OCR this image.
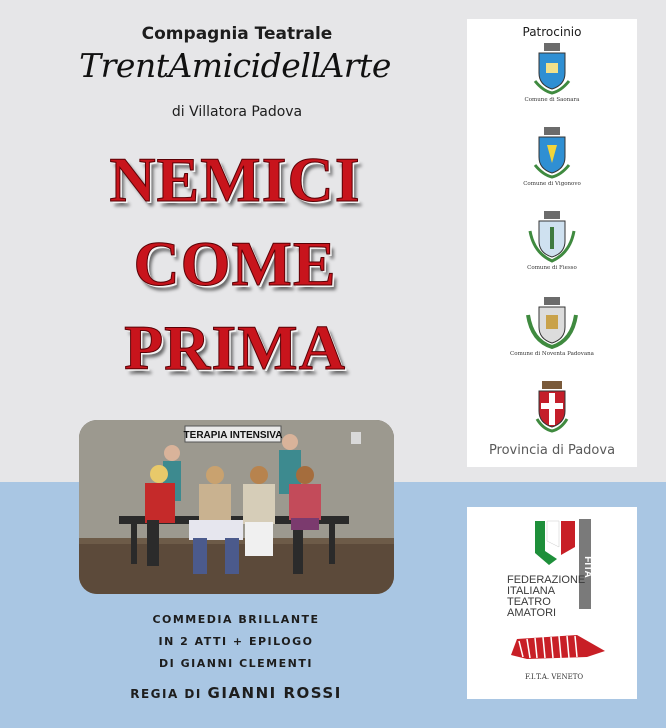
Compagnia Teatrale
TrentAmicidellArte
di Villatora Padova
NEMICI
COME
PRIMA
TERAPIA INTENSIVA
COMMEDIA BRILLANTE
IN 2 ATTI + EPILOGO
DI GIANNI CLEMENTI
REGIA DI GIANNI ROSSI
Patrocinio
Comune di Saonara
Comune di Vigonovo
Comune di Fiesso
Comune di Noventa Padovana
Provincia di Padova
FITA
FEDERAZIONE
ITALIANA
TEATRO
AMATORI
F.I.T.A. VENETO
